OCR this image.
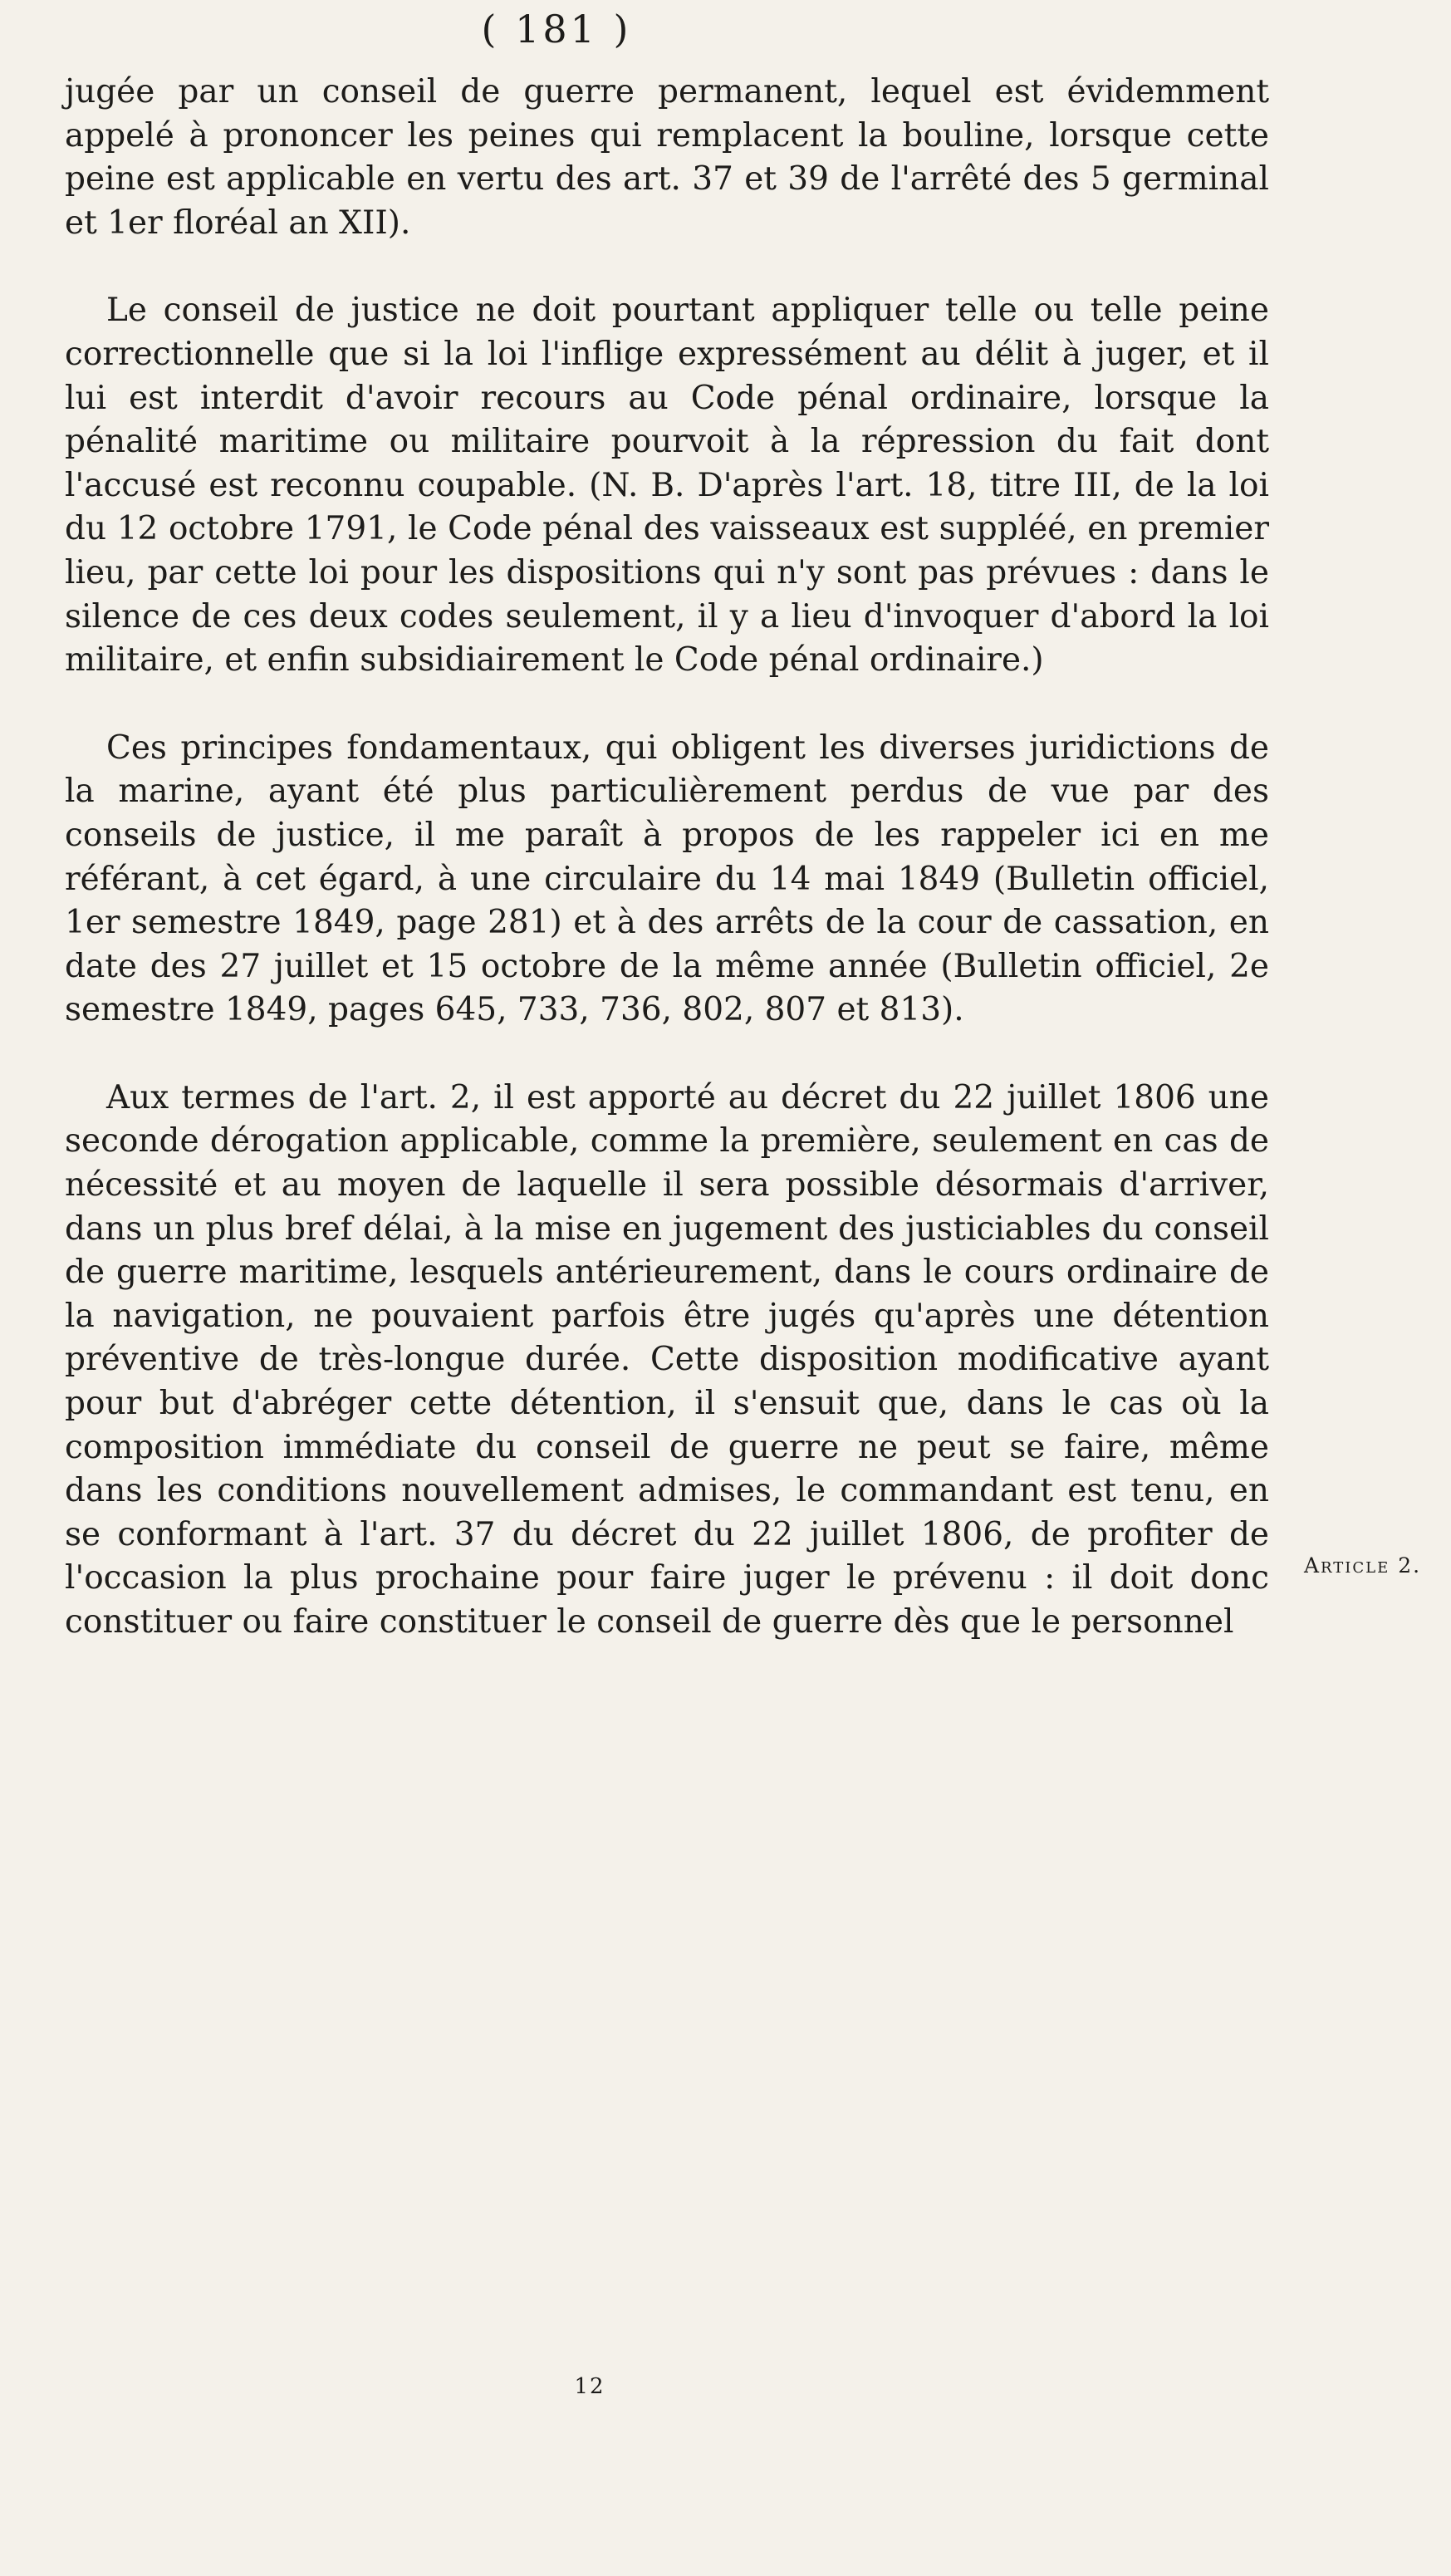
( 181 )

jugée par un conseil de guerre permanent, lequel est évidemment appelé à prononcer les peines qui remplacent la bouline, lorsque cette peine est applicable en vertu des art. 37 et 39 de l'arrêté des 5 germinal et 1er floréal an XII).

Le conseil de justice ne doit pourtant appliquer telle ou telle peine correctionnelle que si la loi l'inflige expressément au délit à juger, et il lui est interdit d'avoir recours au Code pénal ordinaire, lorsque la pénalité maritime ou militaire pourvoit à la répression du fait dont l'accusé est reconnu coupable. (N. B. D'après l'art. 18, titre III, de la loi du 12 octobre 1791, le Code pénal des vaisseaux est suppléé, en premier lieu, par cette loi pour les dispositions qui n'y sont pas prévues : dans le silence de ces deux codes seulement, il y a lieu d'invoquer d'abord la loi militaire, et enfin subsidiairement le Code pénal ordinaire.)

Ces principes fondamentaux, qui obligent les diverses juridictions de la marine, ayant été plus particulièrement perdus de vue par des conseils de justice, il me paraît à propos de les rappeler ici en me référant, à cet égard, à une circulaire du 14 mai 1849 (Bulletin officiel, 1er semestre 1849, page 281) et à des arrêts de la cour de cassation, en date des 27 juillet et 15 octobre de la même année (Bulletin officiel, 2e semestre 1849, pages 645, 733, 736, 802, 807 et 813).

Aux termes de l'art. 2, il est apporté au décret du 22 juillet 1806 une seconde dérogation applicable, comme la première, seulement en cas de nécessité et au moyen de laquelle il sera possible désormais d'arriver, dans un plus bref délai, à la mise en jugement des justiciables du conseil de guerre maritime, lesquels antérieurement, dans le cours ordinaire de la navigation, ne pouvaient parfois être jugés qu'après une détention préventive de très-longue durée. Cette disposition modificative ayant pour but d'abréger cette détention, il s'ensuit que, dans le cas où la composition immédiate du conseil de guerre ne peut se faire, même dans les conditions nouvellement admises, le commandant est tenu, en se conformant à l'art. 37 du décret du 22 juillet 1806, de profiter de l'occasion la plus prochaine pour faire juger le prévenu : il doit donc constituer ou faire constituer le conseil de guerre dès que le personnel

Article 2.
12
